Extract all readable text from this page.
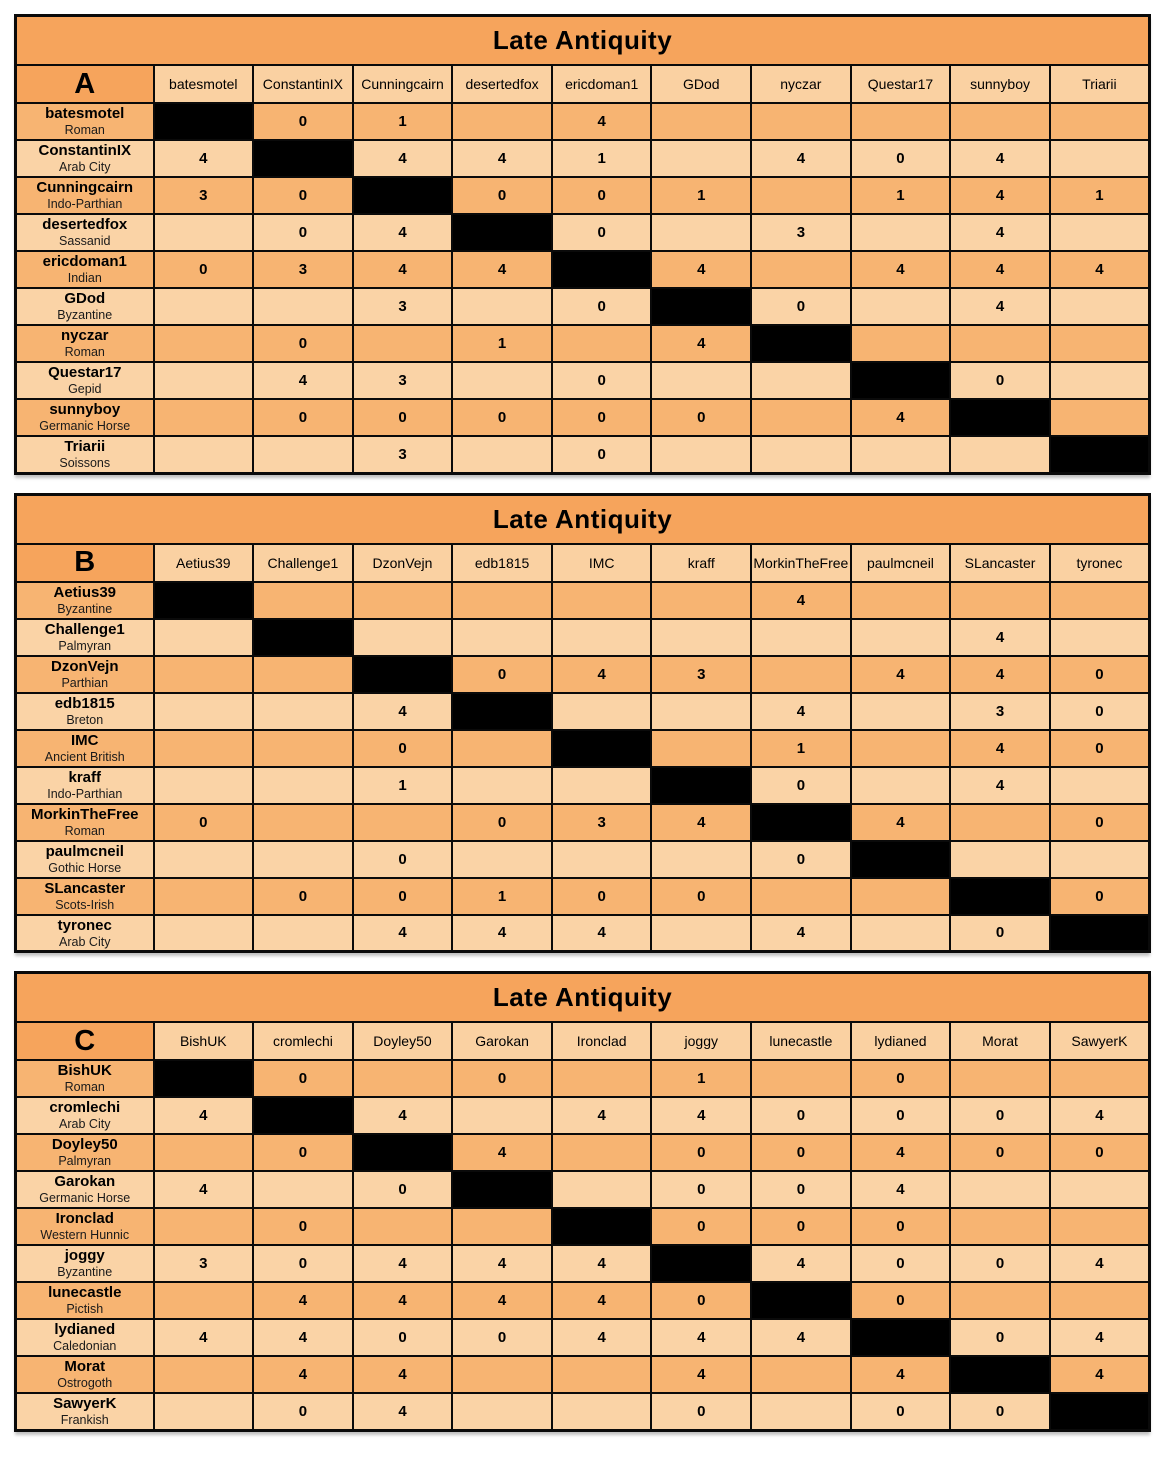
Late Antiquity										
A	batesmotel	ConstantinIX	Cunningcairn	desertedfox	ericdoman1	GDod	nyczar	Questar17	sunnyboy	Triarii

batesmotel
Roman		0	1		4					

ConstantinIX
Arab City	4		4	4	1		4	0	4	

Cunningcairn
Indo-Parthian	3	0		0	0	1		1	4	1

desertedfox
Sassanid		0	4		0		3		4	

ericdoman1
Indian	0	3	4	4		4		4	4	4

GDod
Byzantine			3		0		0		4	

nyczar
Roman		0		1		4				

Questar17
Gepid		4	3		0				0	

sunnyboy
Germanic Horse		0	0	0	0	0		4		

Triarii
Soissons			3		0					
Late Antiquity										
B	Aetius39	Challenge1	DzonVejn	edb1815	IMC	kraff	MorkinTheFree	paulmcneil	SLancaster	tyronec

Aetius39
Byzantine							4			

Challenge1
Palmyran									4	

DzonVejn
Parthian				0	4	3		4	4	0

edb1815
Breton			4				4		3	0

IMC
Ancient British			0				1		4	0

kraff
Indo-Parthian			1				0		4	

MorkinTheFree
Roman	0			0	3	4		4		0

paulmcneil
Gothic Horse			0				0			

SLancaster
Scots-Irish		0	0	1	0	0				0

tyronec
Arab City			4	4	4		4		0	
Late Antiquity										
C	BishUK	cromlechi	Doyley50	Garokan	Ironclad	joggy	lunecastle	lydianed	Morat	SawyerK

BishUK
Roman		0		0		1		0		

cromlechi
Arab City	4		4		4	4	0	0	0	4

Doyley50
Palmyran		0		4		0	0	4	0	0

Garokan
Germanic Horse	4		0			0	0	4		

Ironclad
Western Hunnic		0				0	0	0		

joggy
Byzantine	3	0	4	4	4		4	0	0	4

lunecastle
Pictish		4	4	4	4	0		0		

lydianed
Caledonian	4	4	0	0	4	4	4		0	4

Morat
Ostrogoth		4	4			4		4		4

SawyerK
Frankish		0	4			0		0	0	
